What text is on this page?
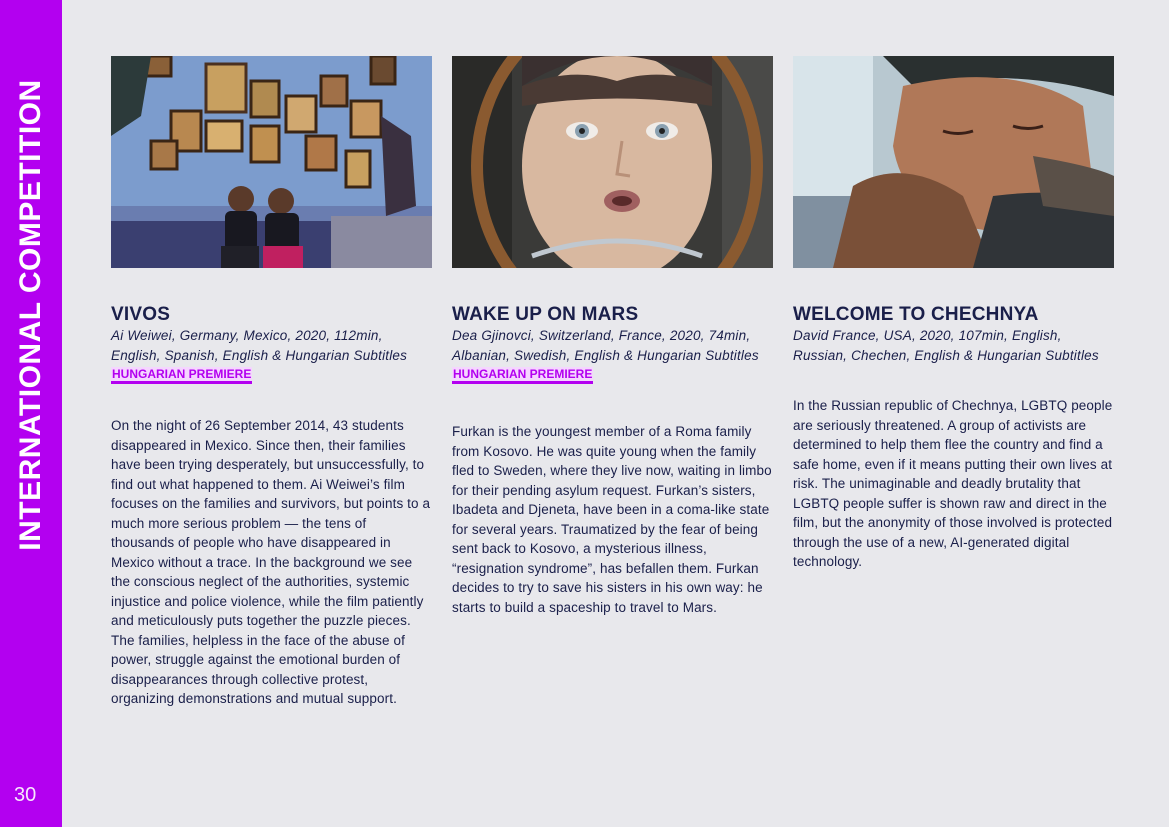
INTERNATIONAL COMPETITION
30
VIVOS
Ai Weiwei, Germany, Mexico, 2020, 112min, English, Spanish, English & Hungarian Subtitles
HUNGARIAN PREMIERE
On the night of 26 September 2014, 43 students disappeared in Mexico. Since then, their families have been trying desperately, but unsuccessfully, to find out what happened to them. Ai Weiwei’s film focuses on the families and survivors, but points to a much more serious problem — the tens of thousands of people who have disappeared in Mexico without a trace. In the background we see the conscious neglect of the authorities, systemic injustice and police violence, while the film patiently and meticulously puts together the puzzle pieces. The families, helpless in the face of the abuse of power, struggle against the emotional burden of disappearances through collective protest, organizing demonstrations and mutual support.
WAKE UP ON MARS
Dea Gjinovci, Switzerland, France, 2020, 74min, Albanian, Swedish, English & Hungarian Subtitles
HUNGARIAN PREMIERE
Furkan is the youngest member of a Roma family from Kosovo. He was quite young when the family fled to Sweden, where they live now, waiting in limbo for their pending asylum request. Furkan’s sisters, Ibadeta and Djeneta, have been in a coma-like state for several years. Traumatized by the fear of being sent back to Kosovo, a mysterious illness, “resignation syndrome”, has befallen them. Furkan decides to try to save his sisters in his own way: he starts to build a spaceship to travel to Mars.
WELCOME TO CHECHNYA
David France, USA, 2020, 107min, English, Russian, Chechen, English & Hungarian Subtitles
In the Russian republic of Chechnya, LGBTQ people are seriously threatened. A group of activists are determined to help them flee the country and find a safe home, even if it means putting their own lives at risk. The unimaginable and deadly brutality that LGBTQ people suffer is shown raw and direct in the film, but the anonymity of those involved is protected through the use of a new, AI-generated digital technology.
